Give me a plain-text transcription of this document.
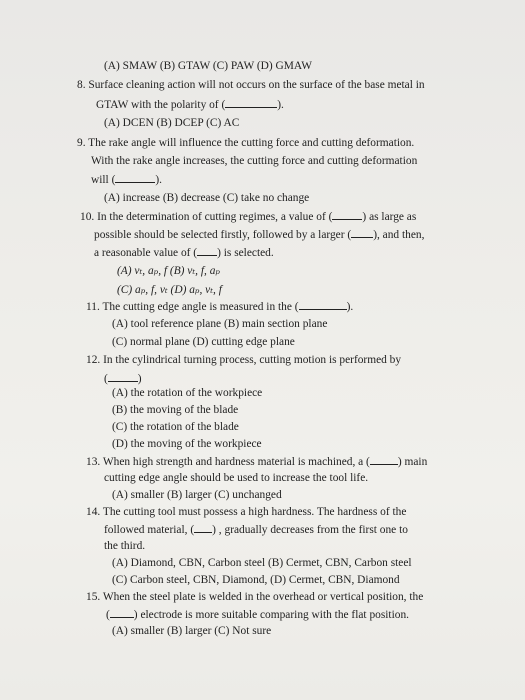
(A) SMAW (B) GTAW (C) PAW (D) GMAW
8. Surface cleaning action will not occurs on the surface of the base metal in
GTAW with the polarity of (	).
(A) DCEN (B) DCEP (C) AC
9. The rake angle will influence the cutting force and cutting deformation.
With the rake angle increases, the cutting force and cutting deformation
will (	).
(A) increase (B) decrease (C) take no change
10. In the determination of cutting regimes, a value of (	) as large as
possible should be selected firstly, followed by a larger ( ), and then,
a reasonable value of ( ) is selected.
(A) vₜ, aₚ, f (B) vₜ, f, aₚ
(C) aₚ, f, vₜ (D) aₚ, vₜ, f
11. The cutting edge angle is measured in the (	).
(A) tool reference plane (B) main section plane
(C) normal plane (D) cutting edge plane
12. In the cylindrical turning process, cutting motion is performed by
(	)
(A) the rotation of the workpiece
(B) the moving of the blade
(C) the rotation of the blade
(D) the moving of the workpiece
13. When high strength and hardness material is machined, a ( ) main
cutting edge angle should be used to increase the tool life.
(A) smaller (B) larger (C) unchanged
14. The cutting tool must possess a high hardness. The hardness of the
followed material, ( ) , gradually decreases from the first one to
the third.
(A) Diamond, CBN, Carbon steel (B) Cermet, CBN, Carbon steel
(C) Carbon steel, CBN, Diamond, (D) Cermet, CBN, Diamond
15. When the steel plate is welded in the overhead or vertical position, the
( ) electrode is more suitable comparing with the flat position.
(A) smaller (B) larger (C) Not sure
